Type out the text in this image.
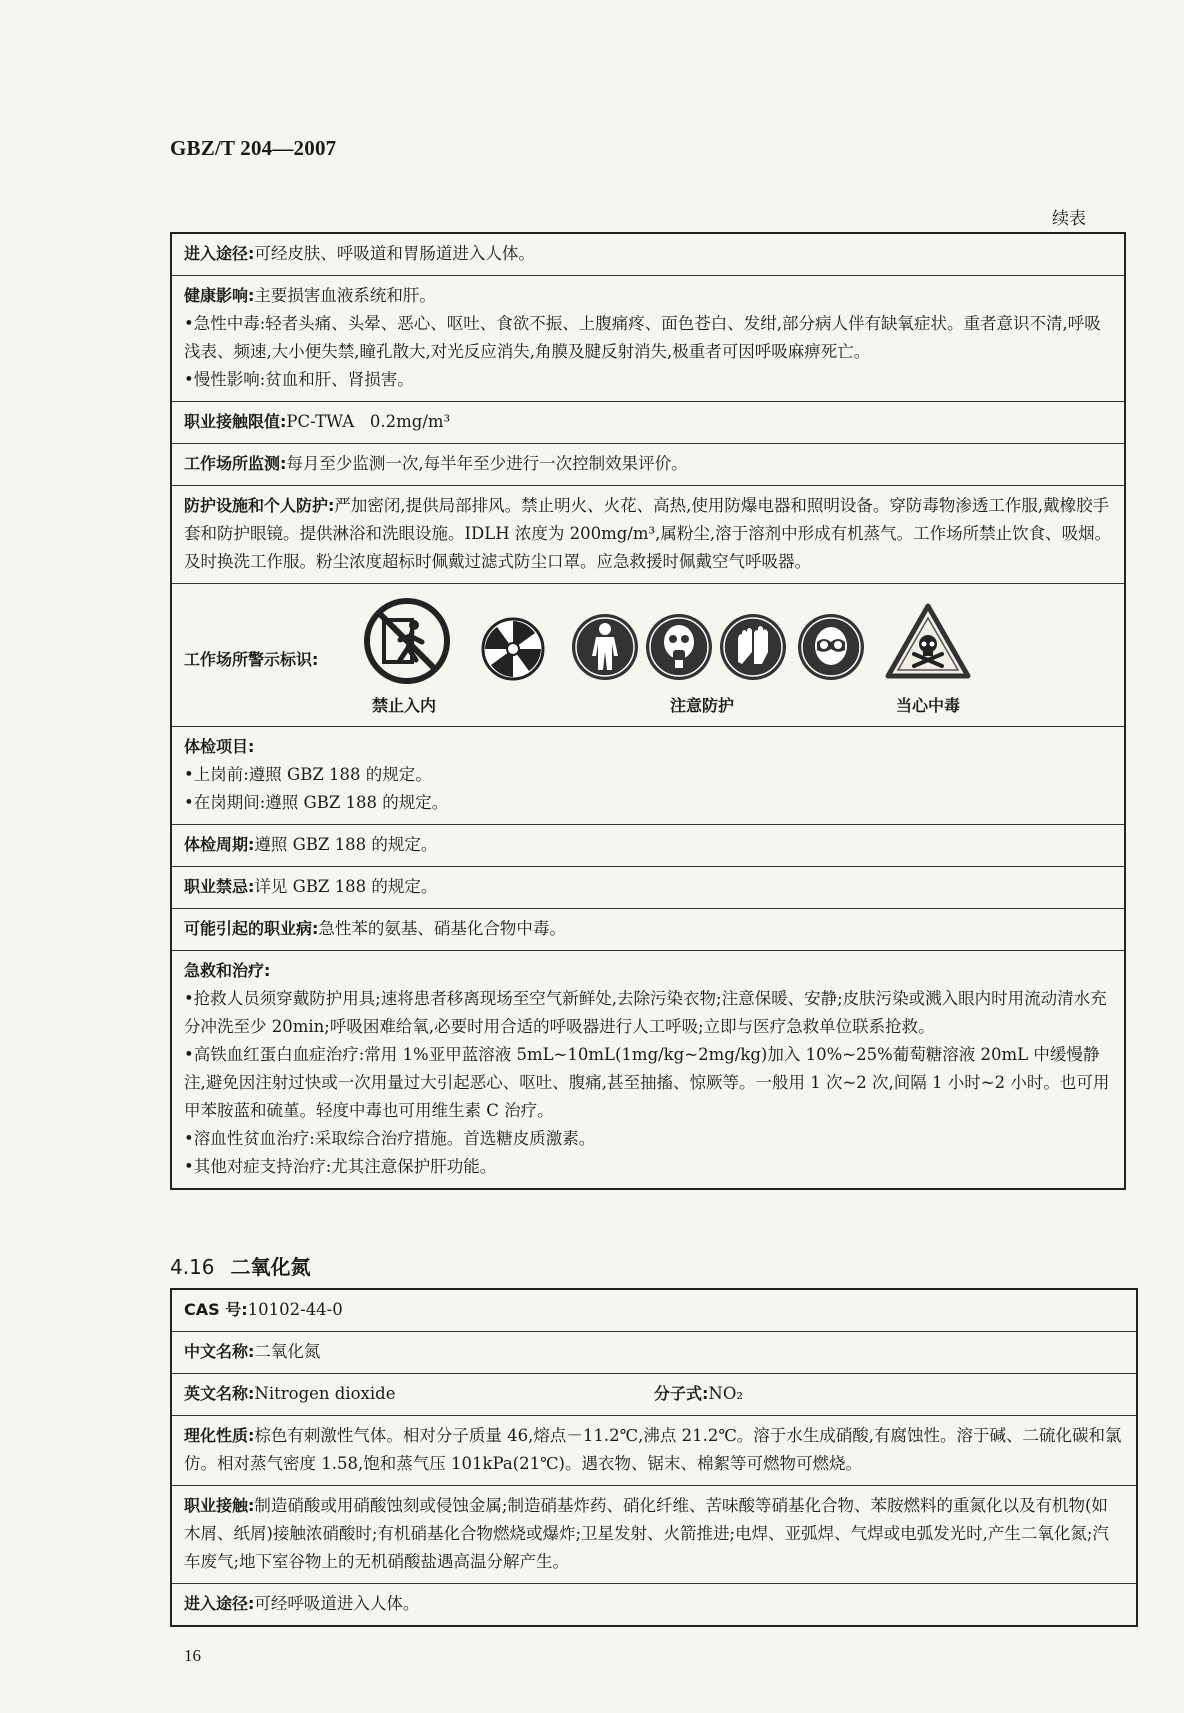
GBZ/T 204—2007
续表
进入途径:可经皮肤、呼吸道和胃肠道进入人体。

健康影响:主要损害血液系统和肝。

•急性中毒:轻者头痛、头晕、恶心、呕吐、食欲不振、上腹痛疼、面色苍白、发绀,部分病人伴有缺氧症状。重者意识不清,呼吸浅表、频速,大小便失禁,瞳孔散大,对光反应消失,角膜及腱反射消失,极重者可因呼吸麻痹死亡。

•慢性影响:贫血和肝、肾损害。

职业接触限值:PC-TWA   0.2mg/m³
工作场所监测:每月至少监测一次,每半年至少进行一次控制效果评价。
防护设施和个人防护:严加密闭,提供局部排风。禁止明火、火花、高热,使用防爆电器和照明设备。穿防毒物渗透工作服,戴橡胶手套和防护眼镜。提供淋浴和洗眼设施。IDLH 浓度为 200mg/m³,属粉尘,溶于溶剂中形成有机蒸气。工作场所禁止饮食、吸烟。及时换洗工作服。粉尘浓度超标时佩戴过滤式防尘口罩。应急救援时佩戴空气呼吸器。

工作场所警示标识:
禁止入内	注意防护	当心中毒

体检项目:

•上岗前:遵照 GBZ 188 的规定。

•在岗期间:遵照 GBZ 188 的规定。

体检周期:遵照 GBZ 188 的规定。
职业禁忌:详见 GBZ 188 的规定。
可能引起的职业病:急性苯的氨基、硝基化合物中毒。

急救和治疗:

•抢救人员须穿戴防护用具;速将患者移离现场至空气新鲜处,去除污染衣物;注意保暖、安静;皮肤污染或溅入眼内时用流动清水充分冲洗至少 20min;呼吸困难给氧,必要时用合适的呼吸器进行人工呼吸;立即与医疗急救单位联系抢救。

•高铁血红蛋白血症治疗:常用 1%亚甲蓝溶液 5mL~10mL(1mg/kg~2mg/kg)加入 10%~25%葡萄糖溶液 20mL 中缓慢静注,避免因注射过快或一次用量过大引起恶心、呕吐、腹痛,甚至抽搐、惊厥等。一般用 1 次~2 次,间隔 1 小时~2 小时。也可用甲苯胺蓝和硫堇。轻度中毒也可用维生素 C 治疗。

•溶血性贫血治疗:采取综合治疗措施。首选糖皮质激素。

•其他对症支持治疗:尤其注意保护肝功能。

4.16 二氧化氮
CAS 号:10102-44-0
中文名称:二氧化氮

英文名称:Nitrogen dioxide	分子式:NO₂

理化性质:棕色有刺激性气体。相对分子质量 46,熔点－11.2℃,沸点 21.2℃。溶于水生成硝酸,有腐蚀性。溶于碱、二硫化碳和氯仿。相对蒸气密度 1.58,饱和蒸气压 101kPa(21℃)。遇衣物、锯末、棉絮等可燃物可燃烧。
职业接触:制造硝酸或用硝酸蚀刻或侵蚀金属;制造硝基炸药、硝化纤维、苦味酸等硝基化合物、苯胺燃料的重氮化以及有机物(如木屑、纸屑)接触浓硝酸时;有机硝基化合物燃烧或爆炸;卫星发射、火箭推进;电焊、亚弧焊、气焊或电弧发光时,产生二氧化氮;汽车废气;地下室谷物上的无机硝酸盐遇高温分解产生。
进入途径:可经呼吸道进入人体。
16
